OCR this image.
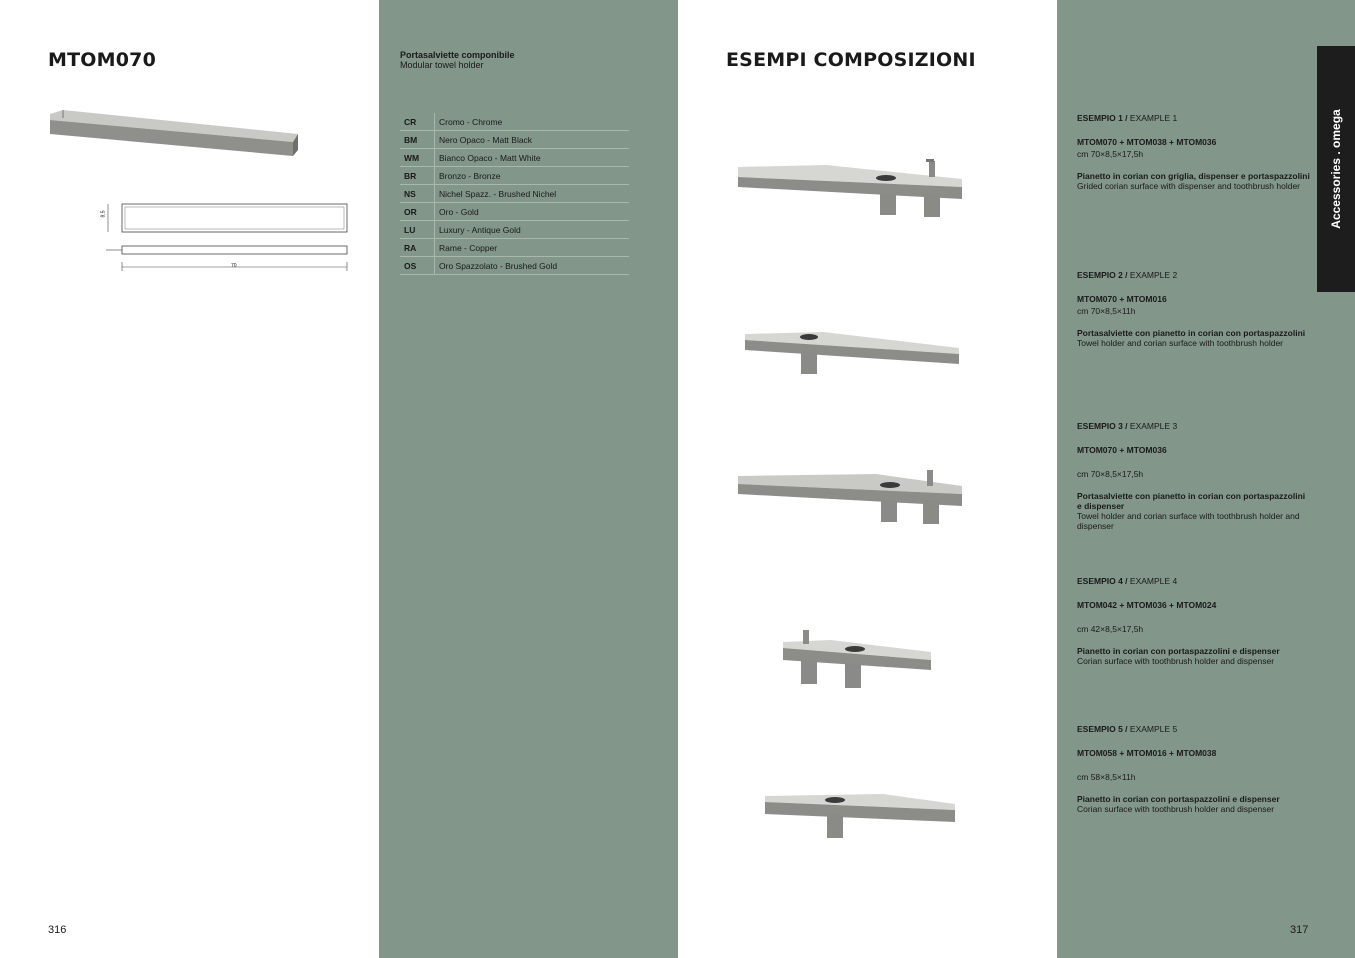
MTOM070
8,5
70
Portasalviette componibile
Modular towel holder
CR	Cromo - Chrome
BM	Nero Opaco - Matt Black
WM	Bianco Opaco - Matt White
BR	Bronzo - Bronze
NS	Nichel Spazz. - Brushed Nichel
OR	Oro - Gold
LU	Luxury - Antique Gold
RA	Rame - Copper
OS	Oro Spazzolato - Brushed Gold
316
ESEMPI COMPOSIZIONI
ESEMPIO 1 / EXAMPLE 1
MTOM070 + MTOM038 + MTOM036
cm 70×8,5×17,5h
Pianetto in corian con griglia, dispenser e portaspazzolini
Grided corian surface with dispenser and toothbrush holder
ESEMPIO 2 / EXAMPLE 2
MTOM070 + MTOM016
cm 70×8,5×11h
Portasalviette con pianetto in corian con portaspazzolini
Towel holder and corian surface with toothbrush holder
ESEMPIO 3 / EXAMPLE 3
MTOM070 + MTOM036
cm 70×8,5×17,5h
Portasalviette con pianetto in corian con portaspazzolini e dispenser
Towel holder and corian surface with toothbrush holder and dispenser
ESEMPIO 4 / EXAMPLE 4
MTOM042 + MTOM036 + MTOM024
cm 42×8,5×17,5h
Pianetto in corian con portaspazzolini e dispenser
Corian surface with toothbrush holder and dispenser
ESEMPIO 5 / EXAMPLE 5
MTOM058 + MTOM016 + MTOM038
cm 58×8,5×11h
Pianetto in corian con portaspazzolini e dispenser
Corian surface with toothbrush holder and dispenser
Accessories . omega
317
